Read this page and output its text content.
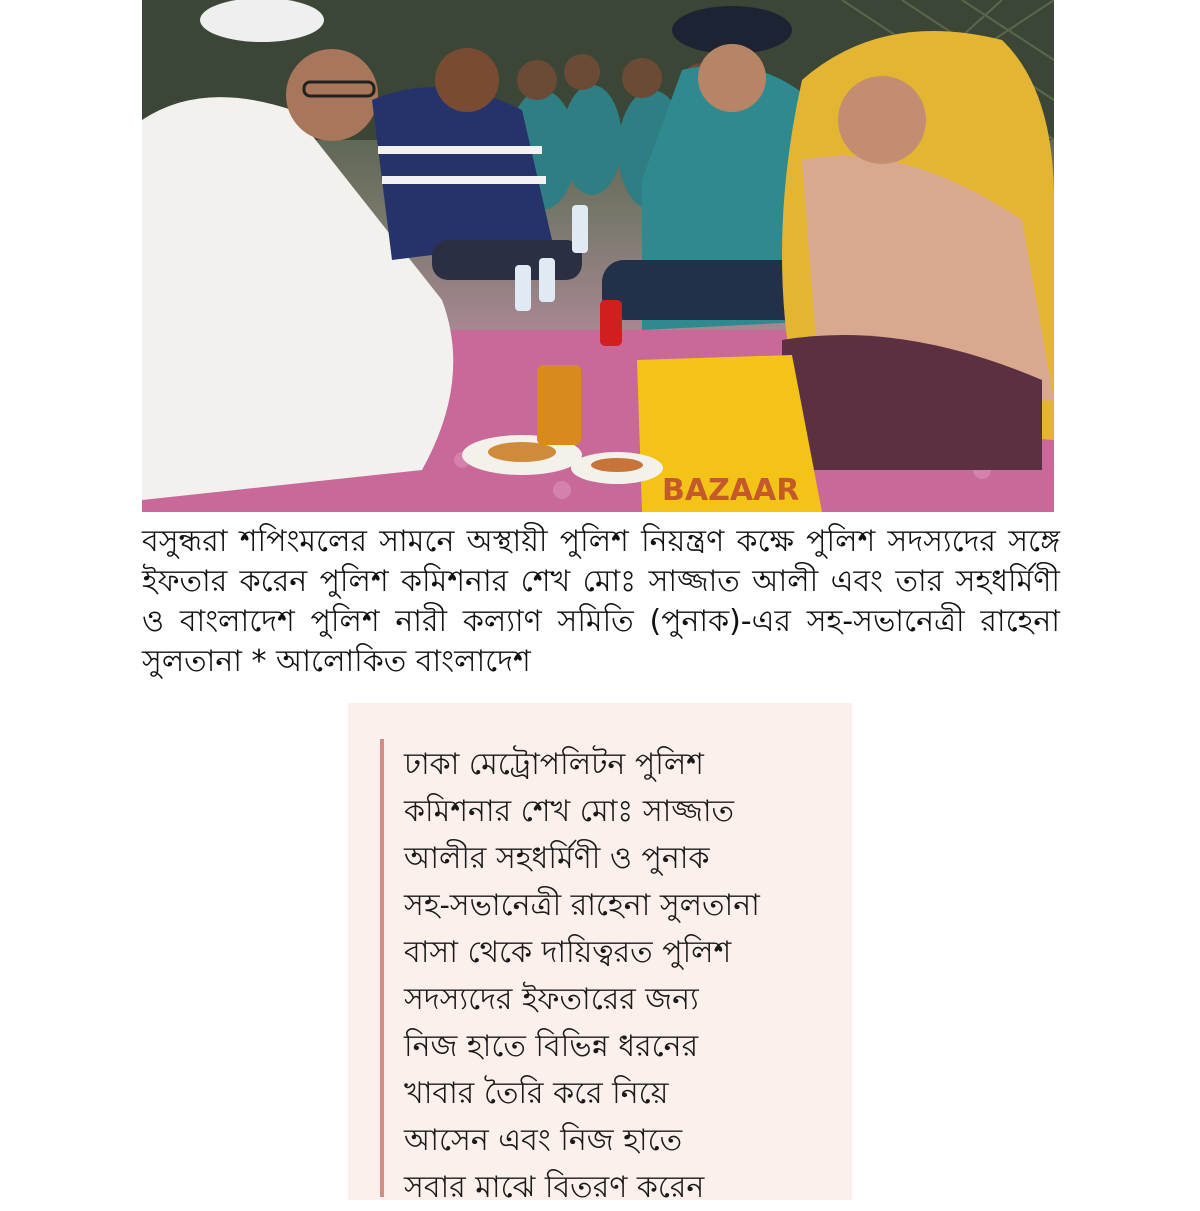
BAZAAR

বসুন্ধরা শপিংমলের সামনে অস্থায়ী পুলিশ নিয়ন্ত্রণ কক্ষে পুলিশ সদস্যদের সঙ্গে ইফতার করেন পুলিশ কমিশনার শেখ মোঃ সাজ্জাত আলী এবং তার সহধর্মিণী ও বাংলাদেশ পুলিশ নারী কল্যাণ সমিতি (পুনাক)-এর সহ-সভানেত্রী রাহেনা সুলতানা * আলোকিত বাংলাদেশ

ঢাকা মেট্রোপলিটন পুলিশ
কমিশনার শেখ মোঃ সাজ্জাত
আলীর সহধর্মিণী ও পুনাক
সহ-সভানেত্রী রাহেনা সুলতানা
বাসা থেকে দায়িত্বরত পুলিশ
সদস্যদের ইফতারের জন্য
নিজ হাতে বিভিন্ন ধরনের
খাবার তৈরি করে নিয়ে
আসেন এবং নিজ হাতে
সবার মাঝে বিতরণ করেন
